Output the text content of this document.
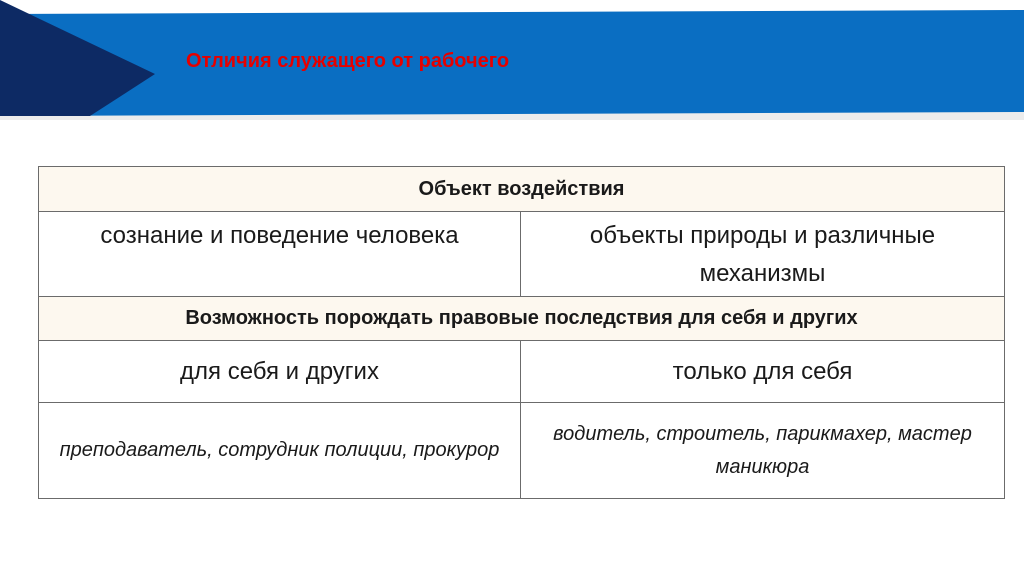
Отличия служащего от рабочего
Объект воздействия	
сознание и поведение человека	объекты природы и различные механизмы
Возможность порождать правовые последствия для себя и других	
для себя и других	только для себя
преподаватель, сотрудник полиции, прокурор	водитель, строитель, парикмахер, мастер маникюра
